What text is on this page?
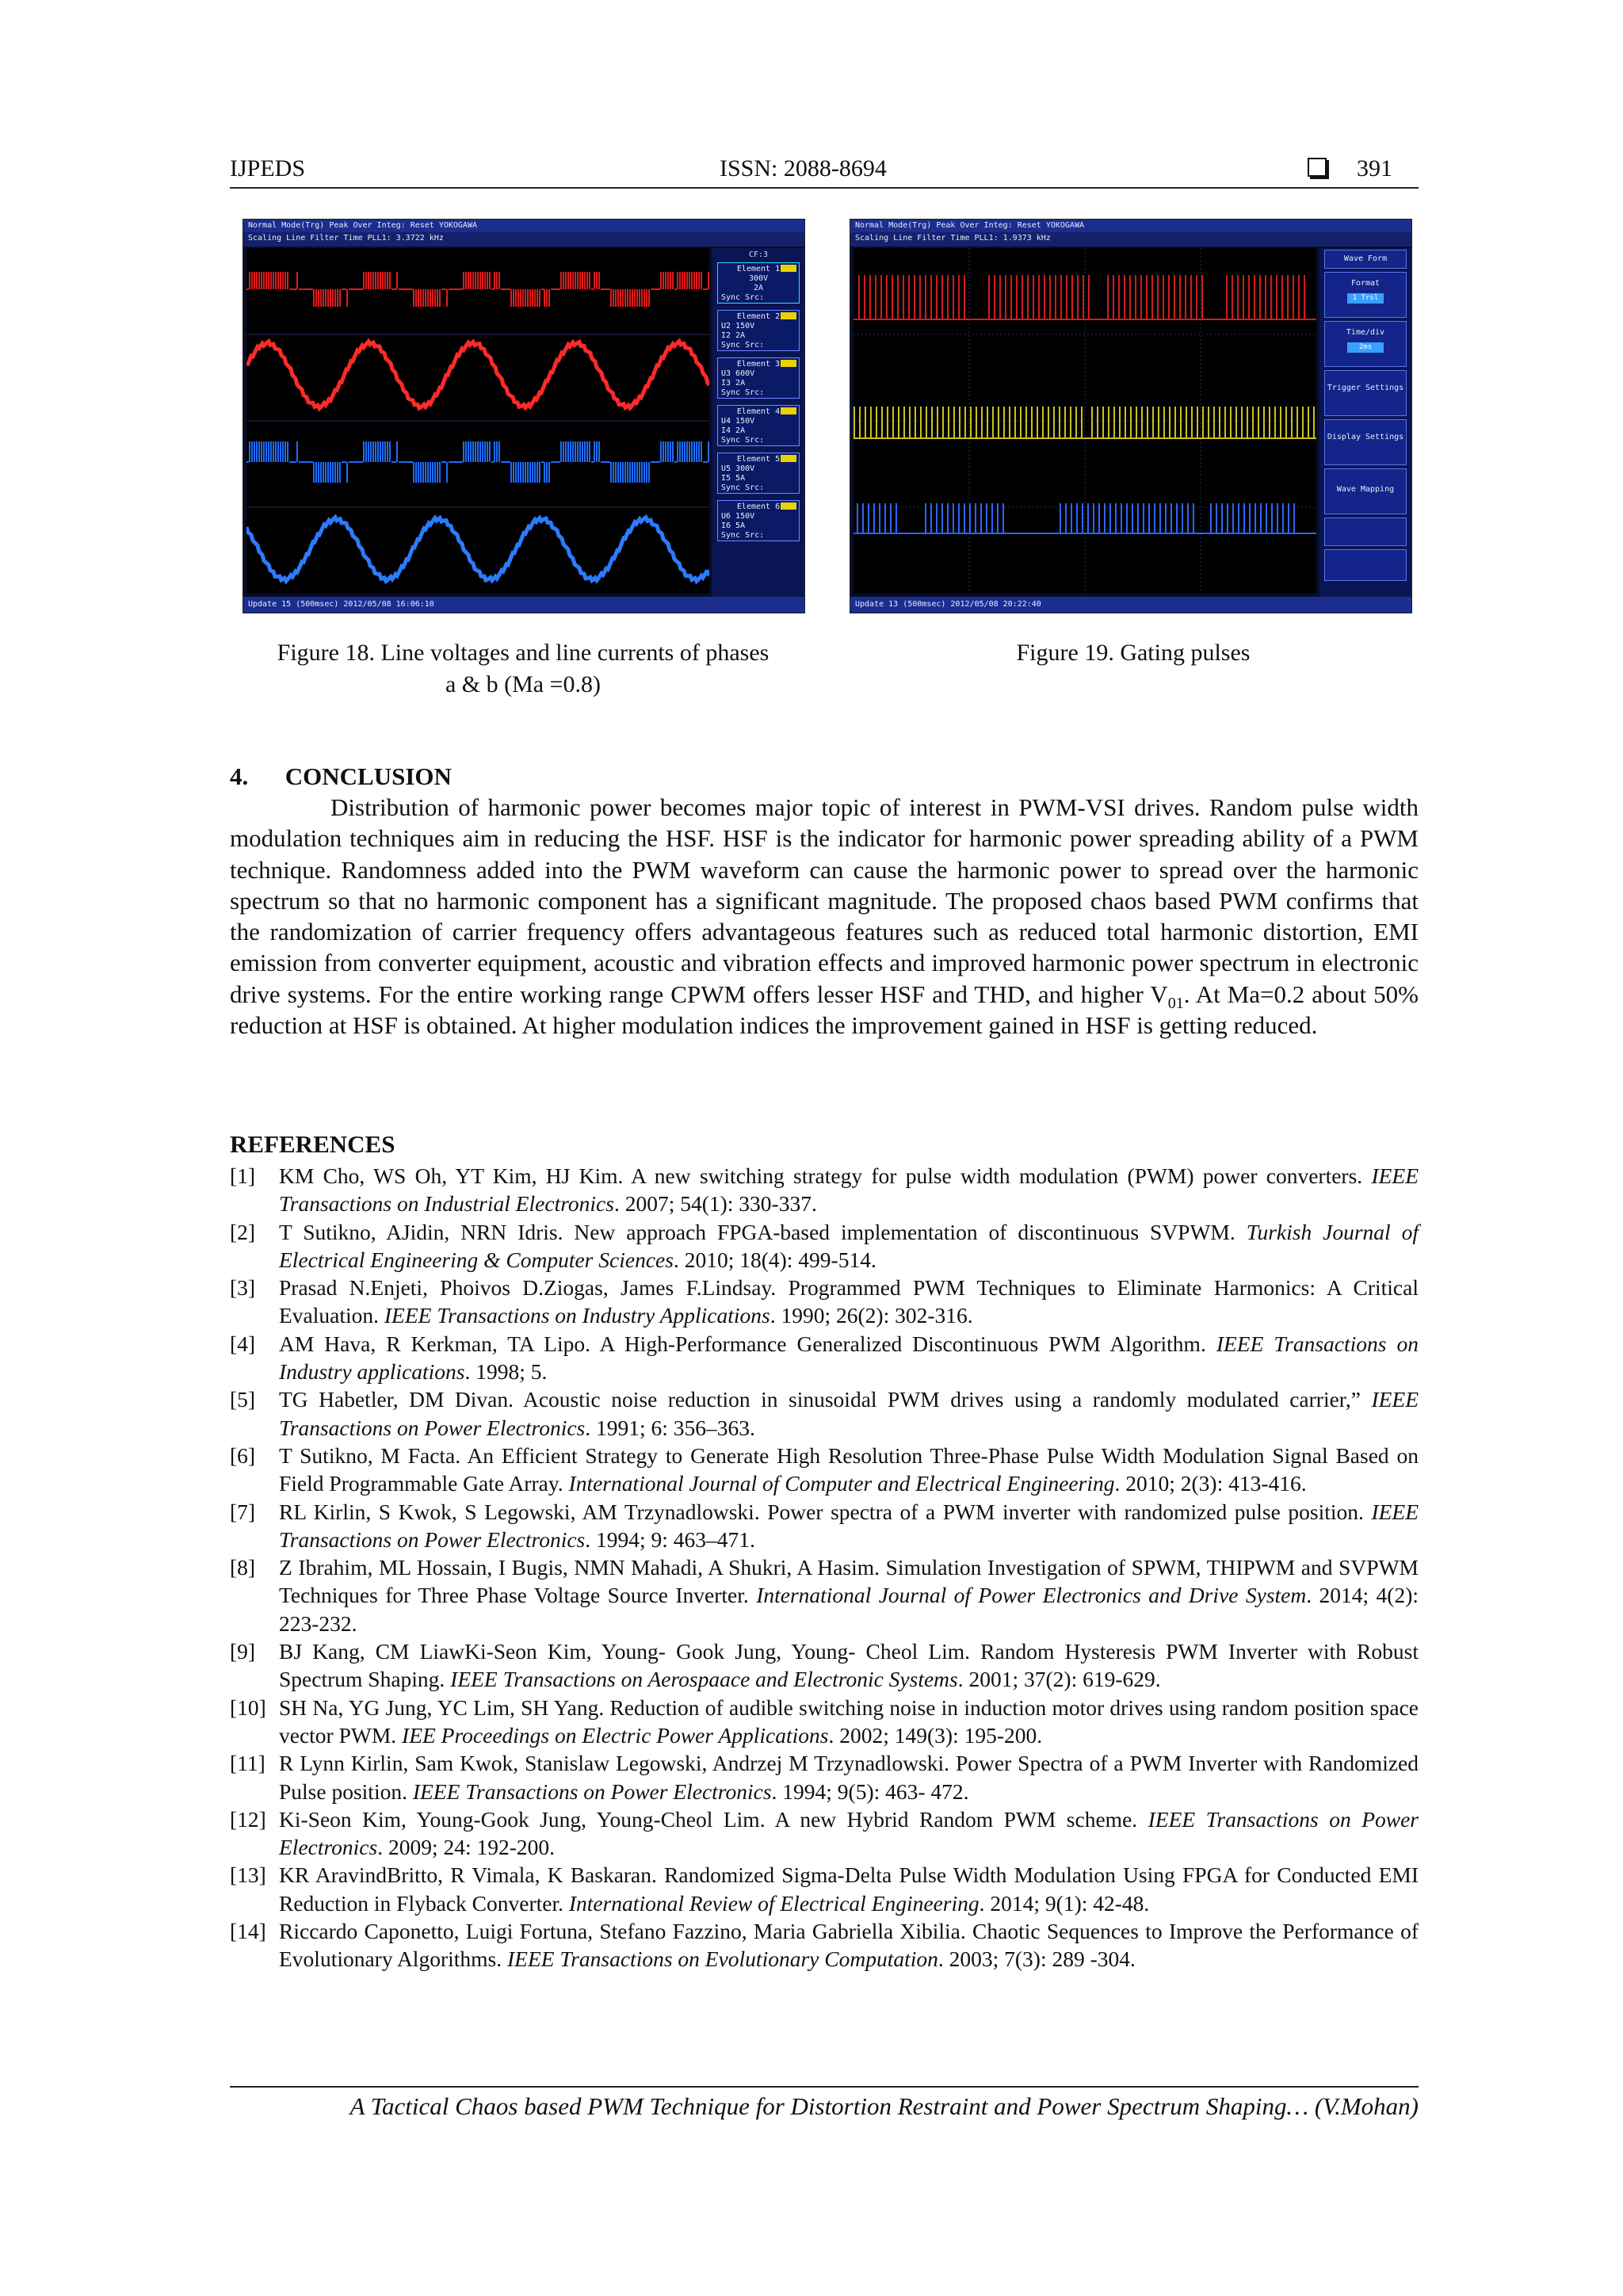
IJPEDS	ISSN: 2088-8694	391
Normal Mode(Trg) Peak Over Integ: Reset YOKOGAWA
Scaling Line Filter Time PLL1: 3.3722 kHz
CF:3
Element 1
300V
2A
Sync Src:
Element 2
U2 150V
I2 2A
Sync Src:
Element 3
U3 600V
I3 2A
Sync Src:
Element 4
U4 150V
I4 2A
Sync Src:
Element 5
U5 300V
I5 5A
Sync Src:
Element 6
U6 150V
I6 5A
Sync Src:
Update 15 (500msec) 2012/05/08 16:06:10
Normal Mode(Trg) Peak Over Integ: Reset YOKOGAWA
Scaling Line Filter Time PLL1: 1.9373 kHz
Wave Form
Format
1 Trsl
Time/div
2ms
Trigger Settings
Display Settings
Wave Mapping
Update 13 (500msec) 2012/05/08 20:22:40
Figure 18. Line voltages and line currents of phases
a & b (Ma =0.8)
Figure 19. Gating pulses
4.      CONCLUSION
Distribution of harmonic power becomes major topic of interest in PWM-VSI drives. Random pulse width modulation techniques aim in reducing the HSF. HSF is the indicator for harmonic power spreading ability of a PWM technique. Randomness added into the PWM waveform can cause the harmonic power to spread over the harmonic spectrum so that no harmonic component has a significant magnitude. The proposed chaos based PWM confirms that the randomization of carrier frequency offers advantageous features such as reduced total harmonic distortion, EMI emission from converter equipment, acoustic and vibration effects and improved harmonic power spectrum in electronic drive systems. For the entire working range CPWM offers lesser HSF and THD, and higher $V_{01}$. At Ma=0.2 about 50% reduction at HSF is obtained. At higher modulation indices the improvement gained in HSF is getting reduced.
REFERENCES
[1] KM Cho, WS Oh, YT Kim, HJ Kim. A new switching strategy for pulse width modulation (PWM) power converters. IEEE Transactions on Industrial Electronics. 2007; 54(1): 330-337.
[2] T Sutikno, AJidin, NRN Idris. New approach FPGA-based implementation of discontinuous SVPWM. Turkish Journal of Electrical Engineering & Computer Sciences. 2010; 18(4): 499-514.
[3] Prasad N.Enjeti, Phoivos D.Ziogas, James F.Lindsay. Programmed PWM Techniques to Eliminate Harmonics: A Critical Evaluation. IEEE Transactions on Industry Applications. 1990; 26(2): 302-316.
[4] AM Hava, R Kerkman, TA Lipo. A High-Performance Generalized Discontinuous PWM Algorithm. IEEE Transactions on Industry applications. 1998; 5.
[5] TG Habetler, DM Divan. Acoustic noise reduction in sinusoidal PWM drives using a randomly modulated carrier,” IEEE Transactions on Power Electronics. 1991; 6: 356–363.
[6] T Sutikno, M Facta. An Efficient Strategy to Generate High Resolution Three-Phase Pulse Width Modulation Signal Based on Field Programmable Gate Array. International Journal of Computer and Electrical Engineering. 2010; 2(3): 413-416.
[7] RL Kirlin, S Kwok, S Legowski, AM Trzynadlowski. Power spectra of a PWM inverter with randomized pulse position. IEEE Transactions on Power Electronics. 1994; 9: 463–471.
[8] Z Ibrahim, ML Hossain, I Bugis, NMN Mahadi, A Shukri, A Hasim. Simulation Investigation of SPWM, THIPWM and SVPWM Techniques for Three Phase Voltage Source Inverter. International Journal of Power Electronics and Drive System. 2014; 4(2): 223-232.
[9] BJ Kang, CM LiawKi-Seon Kim, Young- Gook Jung, Young- Cheol Lim. Random Hysteresis PWM Inverter with Robust Spectrum Shaping. IEEE Transactions on Aerospaace and Electronic Systems. 2001; 37(2): 619-629.
[10] SH Na, YG Jung, YC Lim, SH Yang. Reduction of audible switching noise in induction motor drives using random position space vector PWM. IEE Proceedings on Electric Power Applications. 2002; 149(3): 195-200.
[11] R Lynn Kirlin, Sam Kwok, Stanislaw Legowski, Andrzej M Trzynadlowski. Power Spectra of a PWM Inverter with Randomized Pulse position. IEEE Transactions on Power Electronics. 1994; 9(5): 463- 472.
[12] Ki-Seon Kim, Young-Gook Jung, Young-Cheol Lim. A new Hybrid Random PWM scheme. IEEE Transactions on Power Electronics. 2009; 24: 192-200.
[13] KR AravindBritto, R Vimala, K Baskaran. Randomized Sigma-Delta Pulse Width Modulation Using FPGA for Conducted EMI Reduction in Flyback Converter. International Review of Electrical Engineering. 2014; 9(1): 42-48.
[14] Riccardo Caponetto, Luigi Fortuna, Stefano Fazzino, Maria Gabriella Xibilia. Chaotic Sequences to Improve the Performance of Evolutionary Algorithms. IEEE Transactions on Evolutionary Computation. 2003; 7(3): 289 -304.
A Tactical Chaos based PWM Technique for Distortion Restraint and Power Spectrum Shaping… (V.Mohan)
